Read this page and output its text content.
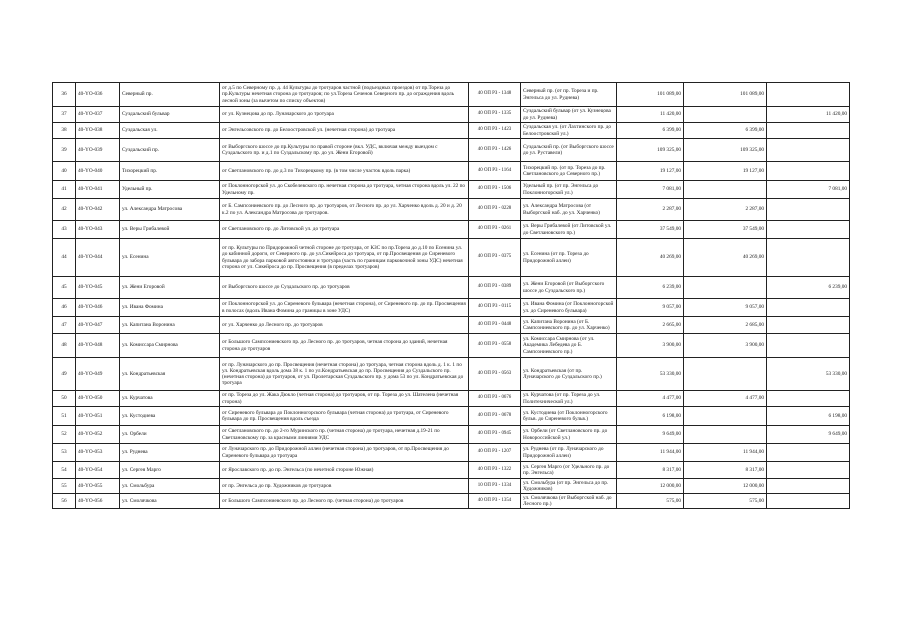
36	40-YO-036	Северный пр.	от д.5 по Северному пр. д. 44 Культуры до тротуаров частной (подъездных проездов) от пр.Тореза до пр.Культуры нечетная сторона до тротуаров; по ул.Тореза Сеченов Северного пр. до ограждения вдоль лесной зоны (за вычетом по списку объектов)	40 ОП РЗ - 1348	Северный пр. (от пр. Тореза и пр. Энгельса до ул. Руднева)	101 089,00	101 089,00	
37	40-YO-037	Суздальский бульвар	от ул. Кузнецова до пр. Луначарского до тротуара	40 ОП РЗ - 1335	Суздальский бульвар (от ул. Кузнецова до ул. Руднева)	11 420,00		11 420,00
38	40-YO-038	Суздальская ул.	от Энгельсовского пр. до Белоостровской ул. (нечетная сторона) до тротуара	40 ОП РЗ - 1423	Суздальская ул. (от Лахтинского пр. до Белоостровской ул.)	6 399,00	6 399,00	
39	40-YO-039	Суздальский пр.	от Выборгского шоссе до пр.Культуры по правой стороне (вкл. УДС, включая между выездом с Суздальского пр. и д.1 по Суздальскому пр. до ул. Жени Егоровой)	40 ОП РЗ - 1426	Суздальский пр. (от Выборгского шоссе до ул. Руставели)	109 325,00	109 325,00	
40	40-YO-040	Тихорецкий пр.	от Светлановского пр. до д.3 по Тихорецкому пр. (в том числе участок вдоль парка)	40 ОП РЗ - 1164	Тихорецкий пр. (от пр. Тореза до пр. Светлановского до Северного пр.)	19 127,00	19 127,00	
41	40-YO-041	Удельный пр.	от Поклонногорской ул. до Скобелевского пр. нечетная сторона до тротуара, четная сторона вдоль ул. 22 по Удельному пр.	40 ОП РЗ - 1506	Удельный пр. (от пр. Энгельса до Поклонногорской ул.)	7 081,00		7 081,00
42	40-YO-042	ул. Александра Матросова	от Б. Сампсониевского пр. до Лесного пр. до тротуаров, от Лесного пр. до ул. Харченко вдоль д. 20 и д. 20 к.2 по ул. Александра Матросова до тротуаров.	40 ОП РЗ - 0228	ул. Александра Матросова (от Выборгской наб. до ул. Харченко)	2 287,00	2 287,00	
43	40-YO-043	ул. Веры Грибалевой	от Светлановского пр. до Литовской ул. до тротуара	40 ОП РЗ - 0261	ул. Веры Грибалевой (от Литовской ул. до Светлановского пр.)	37 549,00	37 549,00	
44	40-YO-044	ул. Есенина	от пр. Культуры по Придорожной четной стороне до тротуара, от КЗС по пр.Тореза до д.10 по Есенина ул. до кабинной дороги, от Северного пр. до ул.Сикейроса до тротуара, от пр.Просвещения до Сиреневого бульвара до забора парковой автостоянки и тротуара (часть по границам парковочной зоны УДС) нечетная сторона от ул. Сикейроса до пр. Просвещения (в пределах тротуаров)	40 ОП РЗ - 0375	ул. Есенина (от пр. Тореза до Придорожной аллеи)	40 269,00	40 269,00	
45	40-YO-045	ул. Жени Егоровой	от Выборгского шоссе до Суздальского пр. до тротуаров	40 ОП РЗ - 0389	ул. Жени Егоровой (от Выборгского шоссе до Суздальского пр.)	6 239,00		6 239,00
46	40-YO-046	ул. Ивана Фомина	от Поклонногорской ул. до Сиреневого бульвара (нечетная сторона), от Сиреневого пр. до пр. Просвещения в полосах (вдоль Ивана Фомина до границы в зоне УДС)	40 ОП РЗ - 0115	ул. Ивана Фомина (от Поклонногорской ул. до Сиреневого бульвара)	9 057,00	9 057,00	
47	40-YO-047	ул. Капитана Воронина	от ул. Харченко до Лесного пр. до тротуаров	40 ОП РЗ - 0448	ул. Капитана Воронина (от Б. Сампсониевского пр. до ул. Харченко)	2 665,00	2 685,00	
48	40-YO-048	ул. Комиссара Смирнова	от Большого Сампсониевского пр. до Лесного пр. до тротуаров, четная сторона до зданий, нечетная сторона до тротуаров	40 ОП РЗ - 0558	ул. Комиссара Смирнова (от ул. Академика Лебедева до Б. Сампсониевского пр.)	3 900,00	3 900,00	
49	40-YO-049	ул. Кондратьевская	от пр. Луначарского до пр. Просвещения (нечетная сторона) до тротуара, четная сторона вдоль д. 1 к. 1 по ул. Кондратьевская вдоль дома 38 к. 1 по ул.Кондратьевская до пр. Просвещения до Суздальского пр. (нечетная сторона) до тротуаров, от ул. Пролетарская Суздальского пр. у дома 53 по ул. Кондратьевская до тротуара	40 ОП РЗ - 0563	ул. Кондратьевская (от пр. Луначарского до Суздальского пр.)	53 330,00		53 330,00
50	40-YO-050	ул. Курчатова	от пр. Тореза до ул. Жака Дюкло (четная сторона) до тротуаров, от пр. Тореза до ул. Шателена (нечетная сторона)	40 ОП РЗ - 0676	ул. Курчатова (от пр. Тореза до ул. Политехнической ул.)	4 477,00	4 477,00	
51	40-YO-051	ул. Кустодиева	от Сиреневого бульвара до Поклонногорского бульвара (четная сторона) до тротуара, от Сиреневого бульвара до пр. Просвещения вдоль съезда	40 ОП РЗ - 0678	ул. Кустодиева (от Поклонногорского бульв. до Сиреневого бульв.)	6 198,00		6 198,00
52	40-YO-052	ул. Орбели	от Светлановского пр. до 2-го Муринского пр. (четная сторона) до тротуара, нечетная д.19-21 по Светлановскому пр. за красными линиями УДС	40 ОП РЗ - 0945	ул. Орбели (от Светлановского пр. до Новороссийской ул.)	9 649,00		9 649,00
53	40-YO-053	ул. Руднева	от Луначарского пр. до Придорожной аллеи (нечетная сторона) до тротуаров, от пр.Просвещения до Сиреневого бульвара до тротуара	40 ОП РЗ - 1207	ул. Руднева (от пр. Луначарского до Придорожной аллеи)	11 944,00	11 944,00	
54	40-YO-054	ул. Сергея Марго	от Ярославского пр. до пр. Энгельса (по нечетной стороне Южная)	40 ОП РЗ - 1322	ул. Сергея Марго (от Удельного пр. до пр. Энгельса)	8 317,00	8 317,00	
55	40-YO-055	ул. Смольбура	от пр. Энгельса до пр. Художников до тротуаров	10 ОП РЗ - 1334	ул. Смольбура (от пр. Энгельса до пр. Художников)	12 000,00	12 000,00	
56	40-YO-056	ул. Смолячкова	от Большого Сампсониевского пр. до Лесного пр. (четная сторона) до тротуаров	40 ОП РЗ - 1354	ул. Смолячкова (от Выборгской наб. до Лесного пр.)	575,00	575,00	
